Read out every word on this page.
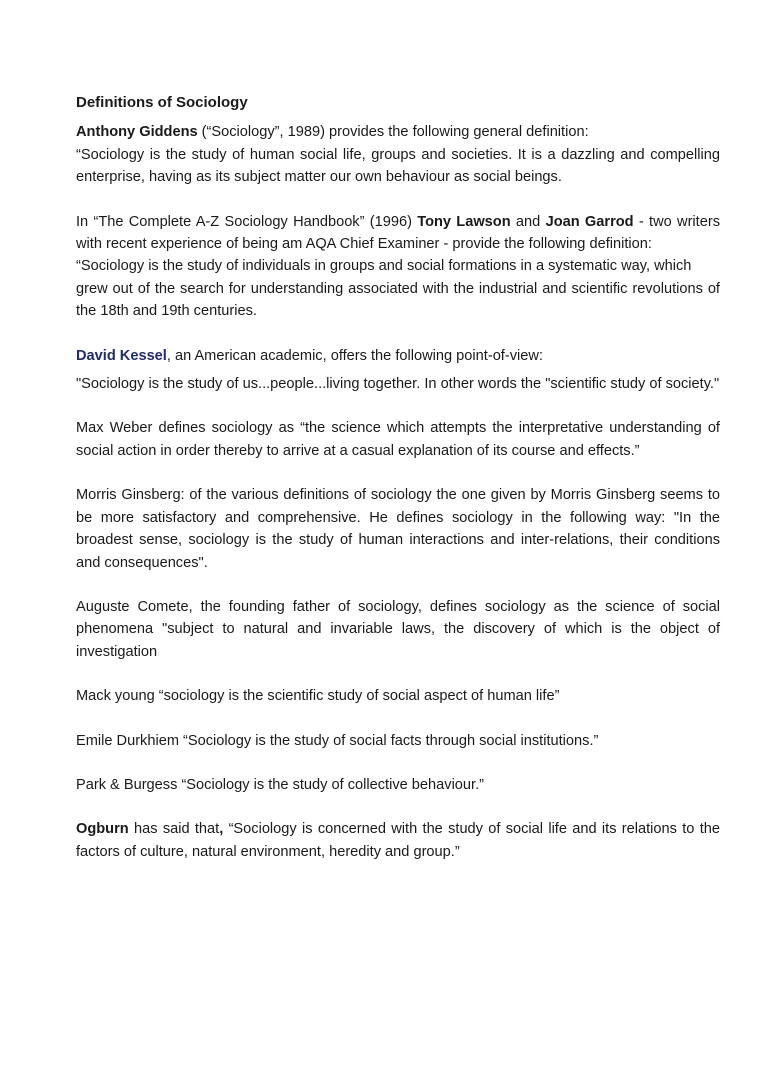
Definitions of Sociology

Anthony Giddens (“Sociology”, 1989) provides the following general definition:

“Sociology is the study of human social life, groups and societies. It is a dazzling and compelling enterprise, having as its subject matter our own behaviour as social beings.

In “The Complete A-Z Sociology Handbook” (1996) Tony Lawson and Joan Garrod - two writers with recent experience of being am AQA Chief Examiner - provide the following definition:

“Sociology is the study of individuals in groups and social formations in a systematic way, which

grew out of the search for understanding associated with the industrial and scientific revolutions of the 18th and 19th centuries.

David Kessel, an American academic, offers the following point-of-view:

"Sociology is the study of us...people...living together. In other words the "scientific study of society."

Max Weber defines sociology as “the science which attempts the interpretative understanding of social action in order thereby to arrive at a casual explanation of its course and effects.”

Morris Ginsberg: of the various definitions of sociology the one given by Morris Ginsberg seems to be more satisfactory and comprehensive. He defines sociology in the following way: "In the broadest sense, sociology is the study of human interactions and inter-relations, their conditions and consequences".

Auguste Comete, the founding father of sociology, defines sociology as the science of social phenomena "subject to natural and invariable laws, the discovery of which is the object of investigation

Mack young “sociology is the scientific study of social aspect of human life”

Emile Durkhiem “Sociology is the study of social facts through social institutions.”

Park & Burgess “Sociology is the study of collective behaviour.”

Ogburn has said that, “Sociology is concerned with the study of social life and its relations to the factors of culture, natural environment, heredity and group.”
